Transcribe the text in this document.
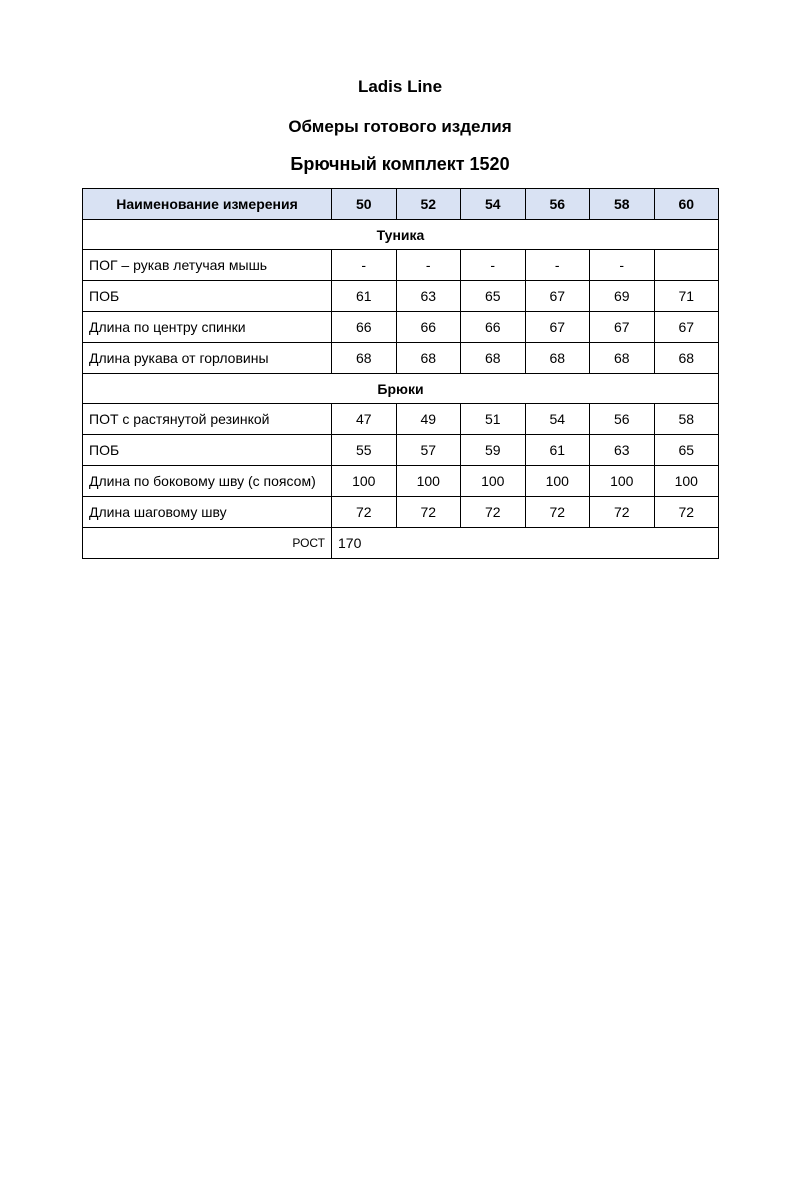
Ladis Line
Обмеры готового изделия
Брючный комплект 1520
Наименование измерения	50	52	54	56	58	60
Туника						
ПОГ – рукав летучая мышь	-	-	-	-	-	
ПОБ	61	63	65	67	69	71
Длина по центру спинки	66	66	66	67	67	67
Длина рукава от горловины	68	68	68	68	68	68
Брюки						
ПОТ с растянутой резинкой	47	49	51	54	56	58
ПОБ	55	57	59	61	63	65
Длина по боковому шву (с поясом)	100	100	100	100	100	100
Длина шаговому шву	72	72	72	72	72	72
РОСТ	170					
